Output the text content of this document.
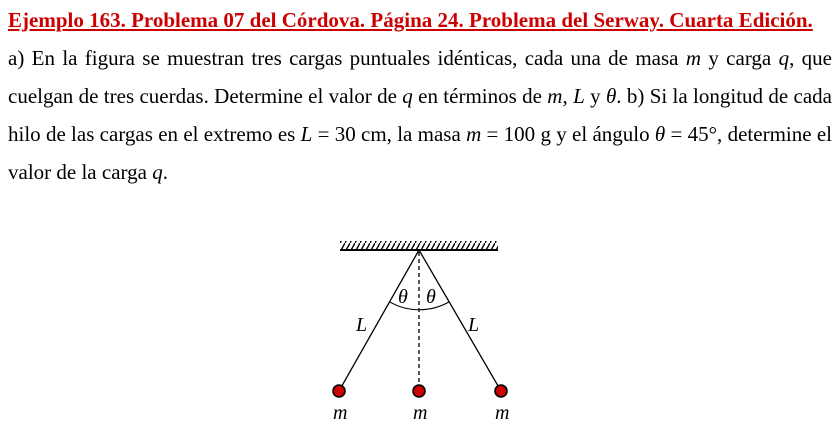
Ejemplo 163. Problema 07 del Córdova. Página 24. Problema del Serway. Cuarta Edición.

a) En la figura se muestran tres cargas puntuales idénticas, cada una de masa m y carga q, que cuelgan de tres cuerdas. Determine el valor de q en términos de m, L y θ. b) Si la longitud de cada hilo de las cargas en el extremo es L = 30 cm, la masa m = 100 g y el ángulo θ = 45°, determine el valor de la carga q.

θ θ
L	L
m	m	m
